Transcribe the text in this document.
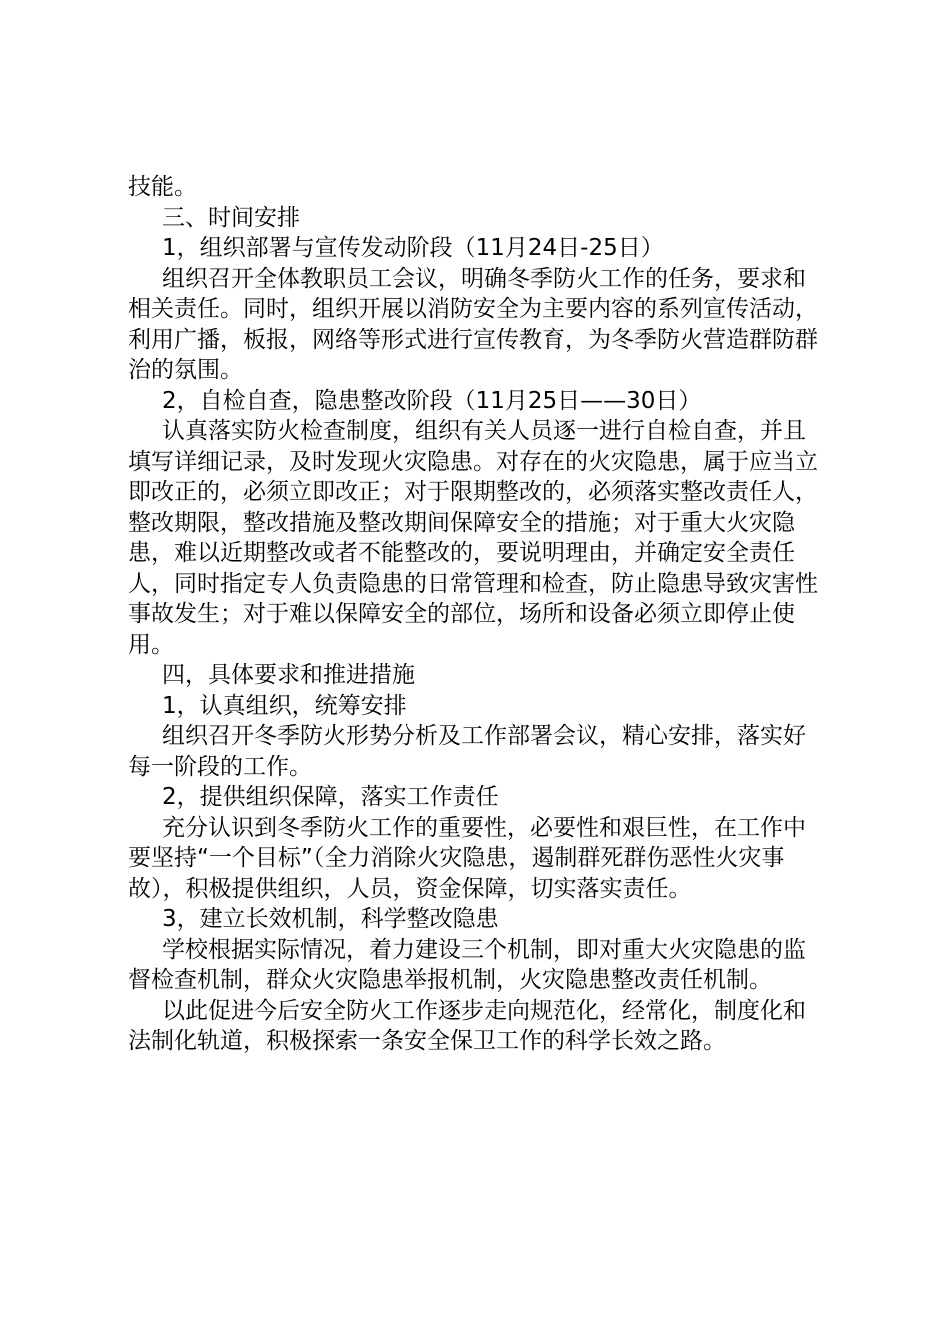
技能。

三、时间安排

1，组织部署与宣传发动阶段（11月24日-25日）

组织召开全体教职员工会议，明确冬季防火工作的任务，要求和相关责任。同时，组织开展以消防安全为主要内容的系列宣传活动，利用广播，板报，网络等形式进行宣传教育，为冬季防火营造群防群治的氛围。

2，自检自查，隐患整改阶段（11月25日——30日）

认真落实防火检查制度，组织有关人员逐一进行自检自查，并且填写详细记录，及时发现火灾隐患。对存在的火灾隐患，属于应当立即改正的，必须立即改正；对于限期整改的，必须落实整改责任人，整改期限，整改措施及整改期间保障安全的措施；对于重大火灾隐患，难以近期整改或者不能整改的，要说明理由，并确定安全责任人，同时指定专人负责隐患的日常管理和检查，防止隐患导致灾害性事故发生；对于难以保障安全的部位，场所和设备必须立即停止使用。

四，具体要求和推进措施

1，认真组织，统筹安排

组织召开冬季防火形势分析及工作部署会议，精心安排，落实好每一阶段的工作。

2，提供组织保障，落实工作责任

充分认识到冬季防火工作的重要性，必要性和艰巨性，在工作中要坚持“一个目标”（全力消除火灾隐患，遏制群死群伤恶性火灾事故），积极提供组织，人员，资金保障，切实落实责任。

3，建立长效机制，科学整改隐患

学校根据实际情况，着力建设三个机制，即对重大火灾隐患的监督检查机制，群众火灾隐患举报机制，火灾隐患整改责任机制。

以此促进今后安全防火工作逐步走向规范化，经常化，制度化和法制化轨道，积极探索一条安全保卫工作的科学长效之路。
